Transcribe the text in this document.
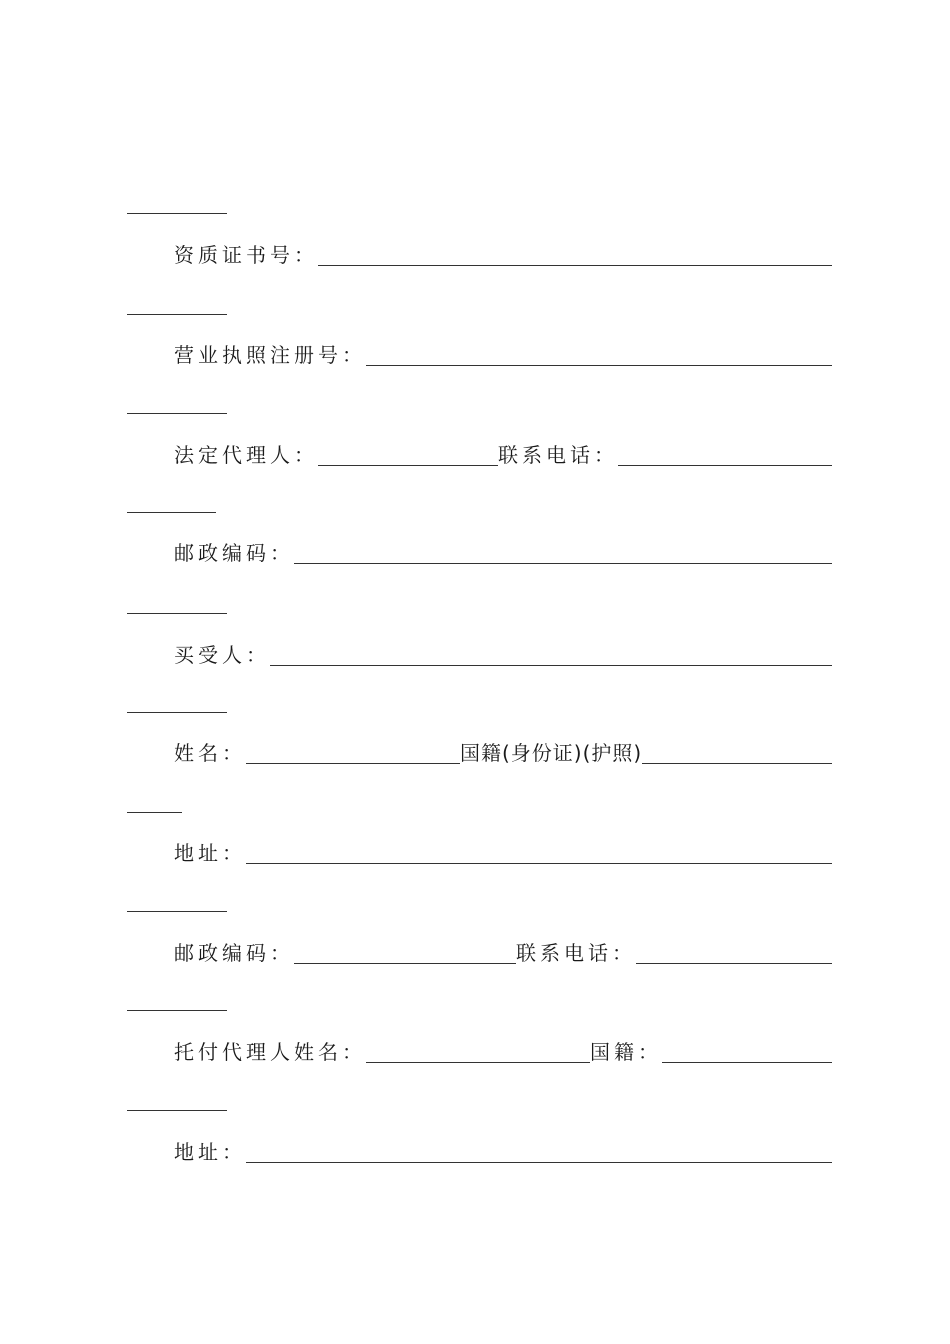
资质证书号：
营业执照注册号：
法定代理人：	联系电话：
邮政编码：
买受人：
姓名：	国籍(身份证)(护照)
地址：
邮政编码：	联系电话：
托付代理人姓名：	国籍：
地址：
